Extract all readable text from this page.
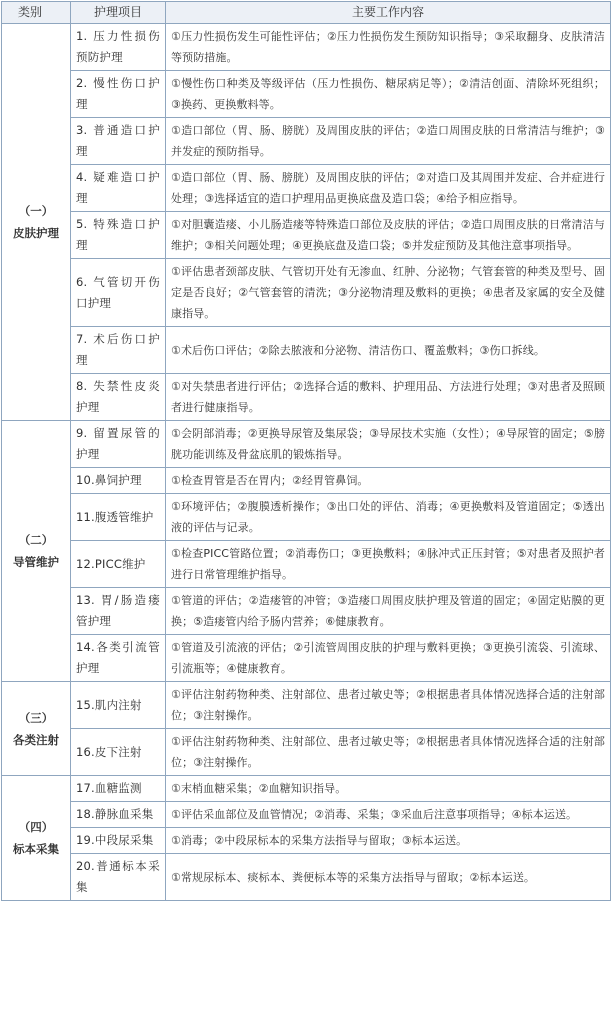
类别	护理项目	主要工作内容

（一）
皮肤护理	1. 压力性损伤预防护理	①压力性损伤发生可能性评估；②压力性损伤发生预防知识指导；③采取翻身、皮肤清洁等预防措施。
	2. 慢性伤口护理	①慢性伤口种类及等级评估（压力性损伤、糖尿病足等）；②清洁创面、清除坏死组织；③换药、更换敷料等。
	3. 普通造口护理	①造口部位（胃、肠、膀胱）及周围皮肤的评估；②造口周围皮肤的日常清洁与维护；③并发症的预防指导。
	4. 疑难造口护理	①造口部位（胃、肠、膀胱）及周围皮肤的评估；②对造口及其周围并发症、合并症进行处理；③选择适宜的造口护理用品更换底盘及造口袋；④给予相应指导。
	5. 特殊造口护理	①对胆囊造瘘、小儿肠造瘘等特殊造口部位及皮肤的评估；②造口周围皮肤的日常清洁与维护；③相关问题处理；④更换底盘及造口袋；⑤并发症预防及其他注意事项指导。
	6. 气管切开伤口护理	①评估患者颈部皮肤、气管切开处有无渗血、红肿、分泌物；气管套管的种类及型号、固定是否良好；②气管套管的清洗；③分泌物清理及敷料的更换；④患者及家属的安全及健康指导。
	7. 术后伤口护理	①术后伤口评估；②除去脓液和分泌物、清洁伤口、覆盖敷料；③伤口拆线。
	8. 失禁性皮炎护理	①对失禁患者进行评估；②选择合适的敷料、护理用品、方法进行处理；③对患者及照顾者进行健康指导。

（二）
导管维护	9. 留置尿管的护理	①会阴部消毒；②更换导尿管及集尿袋；③导尿技术实施（女性）；④导尿管的固定；⑤膀胱功能训练及骨盆底肌的锻炼指导。
	10.鼻饲护理	①检查胃管是否在胃内；②经胃管鼻饲。
	11.腹透管维护	①环境评估；②腹膜透析操作；③出口处的评估、消毒；④更换敷料及管道固定；⑤透出液的评估与记录。
	12.PICC维护	①检查PICC管路位置；②消毒伤口；③更换敷料；④脉冲式正压封管；⑤对患者及照护者进行日常管理维护指导。
	13. 胃/肠造瘘管护理	①管道的评估；②造瘘管的冲管；③造瘘口周围皮肤护理及管道的固定；④固定贴膜的更换；⑤造瘘管内给予肠内营养；⑥健康教育。
	14.各类引流管护理	①管道及引流液的评估；②引流管周围皮肤的护理与敷料更换；③更换引流袋、引流球、引流瓶等；④健康教育。

（三）
各类注射	15.肌内注射	①评估注射药物种类、注射部位、患者过敏史等；②根据患者具体情况选择合适的注射部位；③注射操作。
	16.皮下注射	①评估注射药物种类、注射部位、患者过敏史等；②根据患者具体情况选择合适的注射部位；③注射操作。

（四）
标本采集	17.血糖监测	①末梢血糖采集；②血糖知识指导。
	18.静脉血采集	①评估采血部位及血管情况；②消毒、采集；③采血后注意事项指导；④标本运送。
	19.中段尿采集	①消毒；②中段尿标本的采集方法指导与留取；③标本运送。
	20.普通标本采集	①常规尿标本、痰标本、粪便标本等的采集方法指导与留取；②标本运送。
